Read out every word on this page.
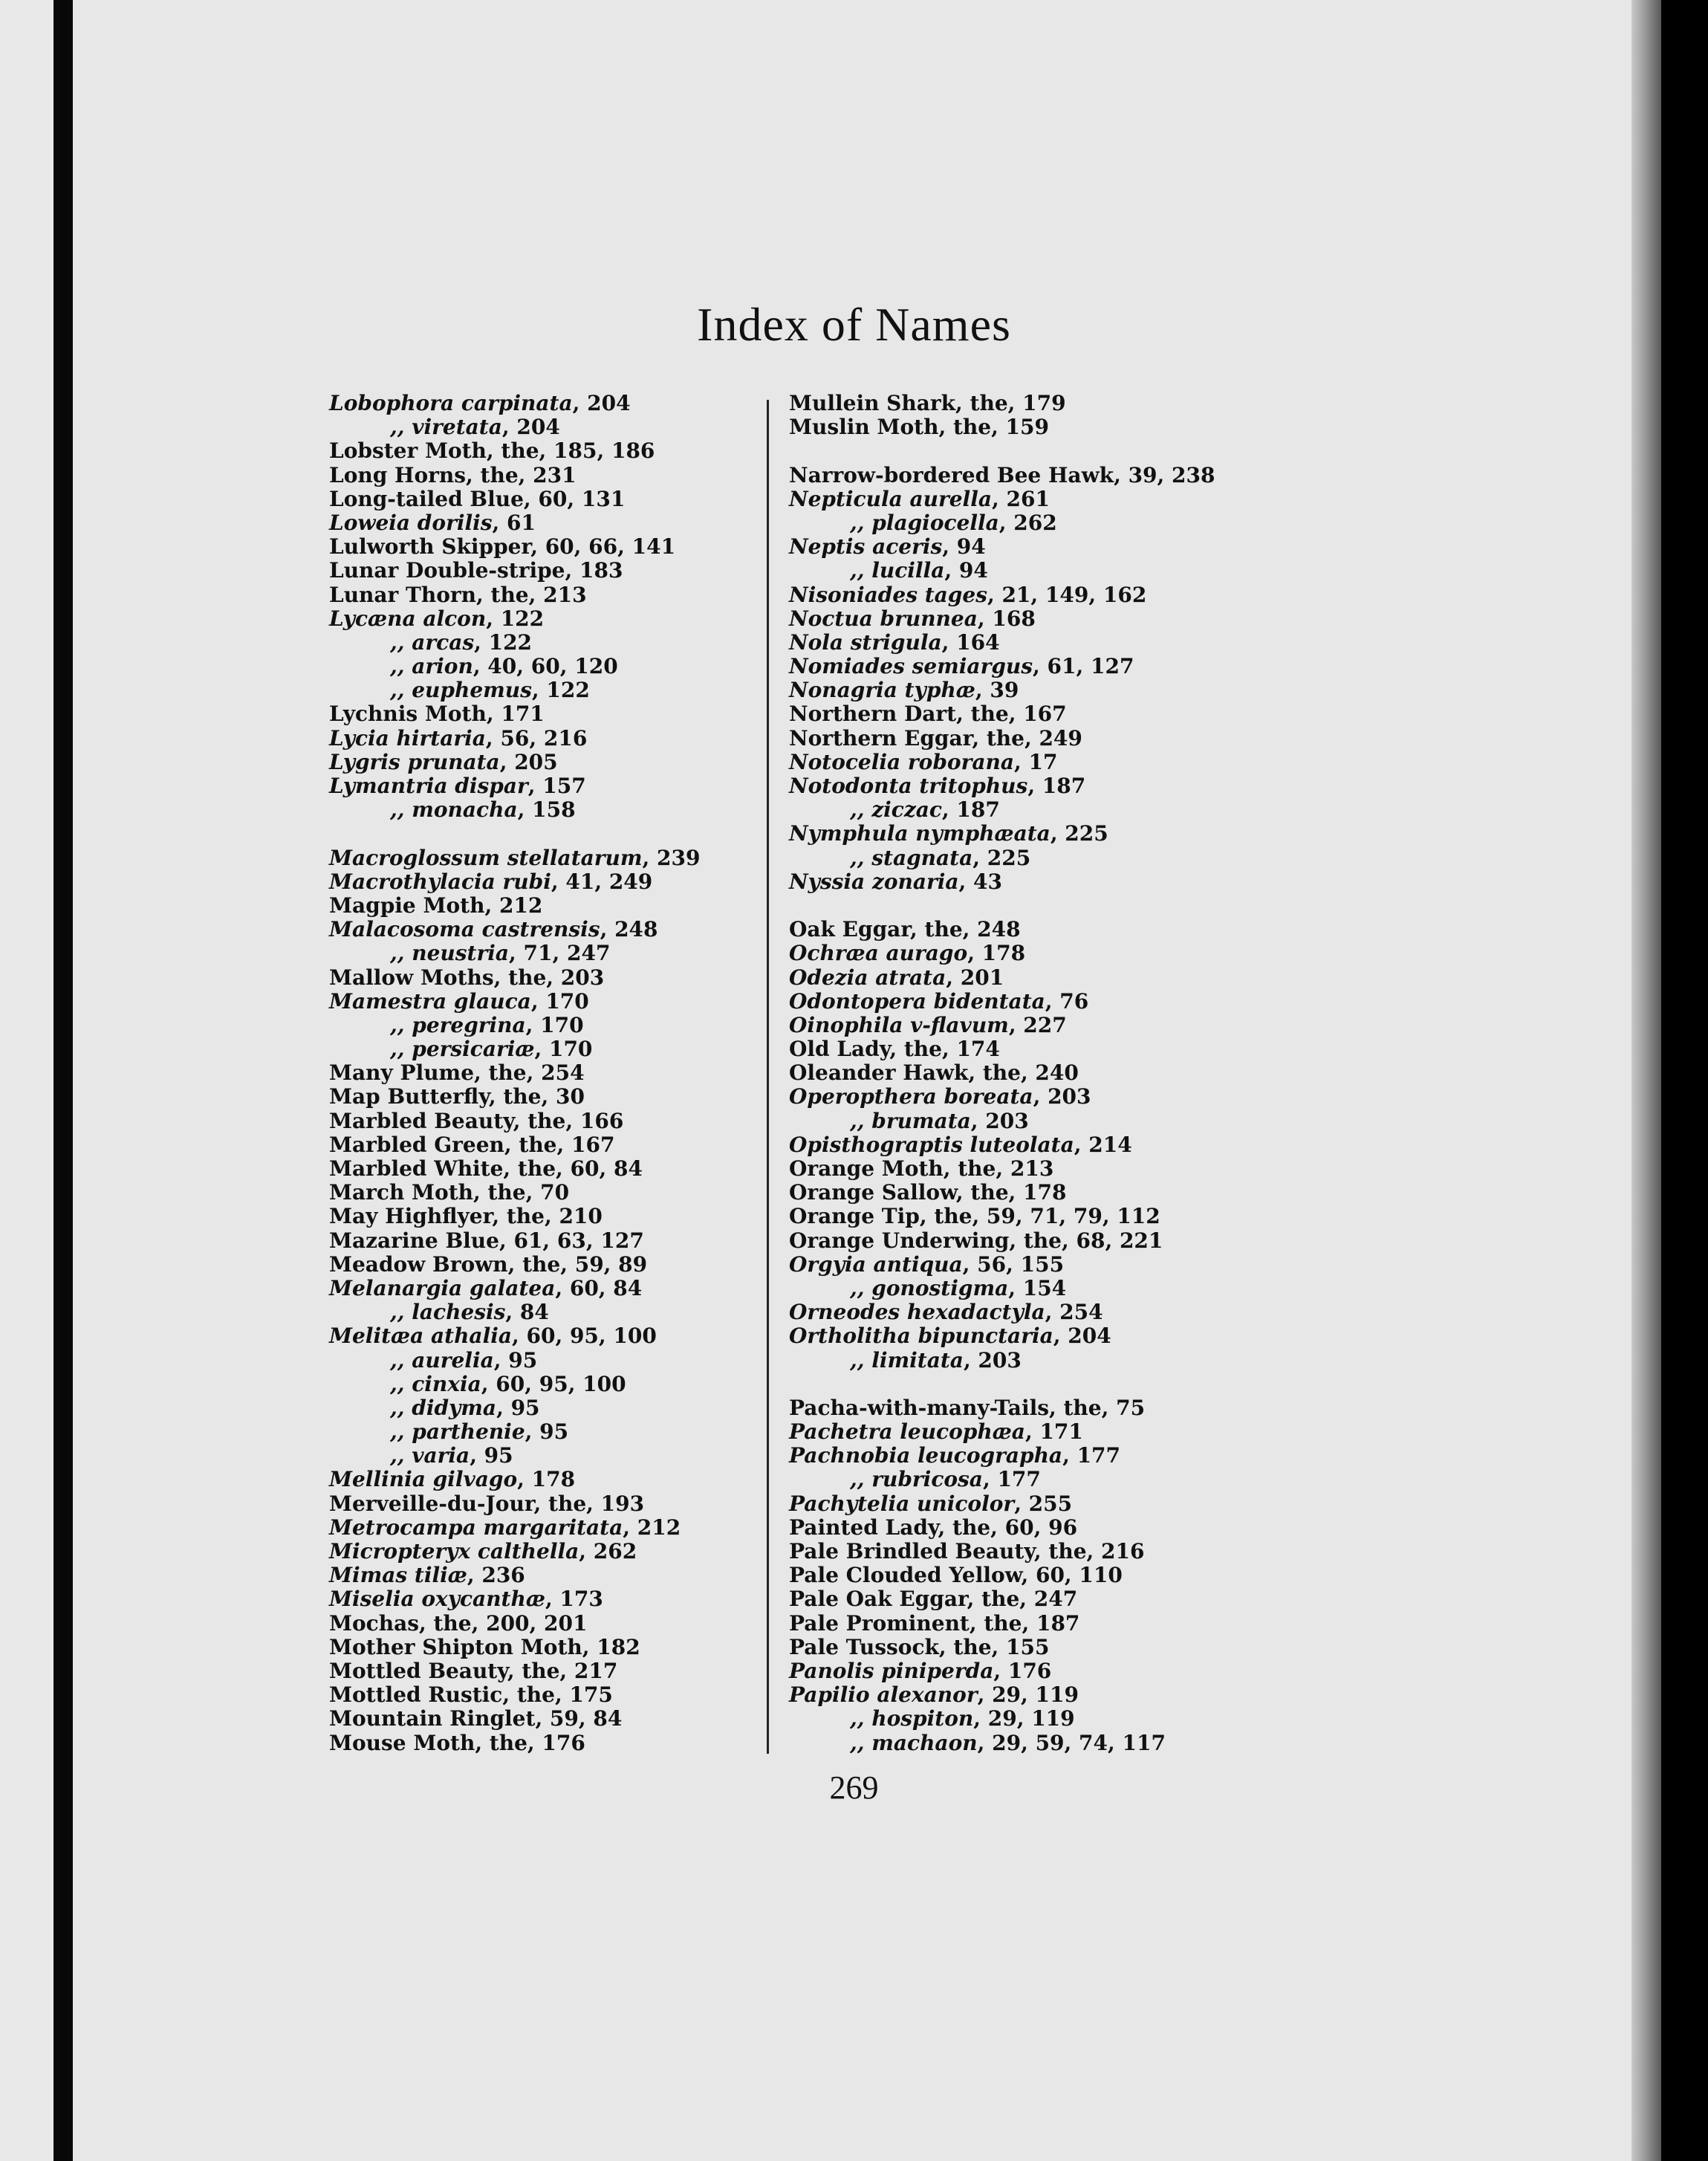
Index of Names
Lobophora carpinata, 204
,, viretata, 204
Lobster Moth, the, 185, 186
Long Horns, the, 231
Long-tailed Blue, 60, 131
Loweia dorilis, 61
Lulworth Skipper, 60, 66, 141
Lunar Double-stripe, 183
Lunar Thorn, the, 213
Lycæna alcon, 122
,, arcas, 122
,, arion, 40, 60, 120
,, euphemus, 122
Lychnis Moth, 171
Lycia hirtaria, 56, 216
Lygris prunata, 205
Lymantria dispar, 157
,, monacha, 158
Macroglossum stellatarum, 239
Macrothylacia rubi, 41, 249
Magpie Moth, 212
Malacosoma castrensis, 248
,, neustria, 71, 247
Mallow Moths, the, 203
Mamestra glauca, 170
,, peregrina, 170
,, persicariæ, 170
Many Plume, the, 254
Map Butterfly, the, 30
Marbled Beauty, the, 166
Marbled Green, the, 167
Marbled White, the, 60, 84
March Moth, the, 70
May Highflyer, the, 210
Mazarine Blue, 61, 63, 127
Meadow Brown, the, 59, 89
Melanargia galatea, 60, 84
,, lachesis, 84
Melitæa athalia, 60, 95, 100
,, aurelia, 95
,, cinxia, 60, 95, 100
,, didyma, 95
,, parthenie, 95
,, varia, 95
Mellinia gilvago, 178
Merveille-du-Jour, the, 193
Metrocampa margaritata, 212
Micropteryx calthella, 262
Mimas tiliæ, 236
Miselia oxycanthæ, 173
Mochas, the, 200, 201
Mother Shipton Moth, 182
Mottled Beauty, the, 217
Mottled Rustic, the, 175
Mountain Ringlet, 59, 84
Mouse Moth, the, 176
Mullein Shark, the, 179
Muslin Moth, the, 159
Narrow-bordered Bee Hawk, 39, 238
Nepticula aurella, 261
,, plagiocella, 262
Neptis aceris, 94
,, lucilla, 94
Nisoniades tages, 21, 149, 162
Noctua brunnea, 168
Nola strigula, 164
Nomiades semiargus, 61, 127
Nonagria typhæ, 39
Northern Dart, the, 167
Northern Eggar, the, 249
Notocelia roborana, 17
Notodonta tritophus, 187
,, ziczac, 187
Nymphula nymphæata, 225
,, stagnata, 225
Nyssia zonaria, 43
Oak Eggar, the, 248
Ochræa aurago, 178
Odezia atrata, 201
Odontopera bidentata, 76
Oinophila v-flavum, 227
Old Lady, the, 174
Oleander Hawk, the, 240
Operopthera boreata, 203
,, brumata, 203
Opisthograptis luteolata, 214
Orange Moth, the, 213
Orange Sallow, the, 178
Orange Tip, the, 59, 71, 79, 112
Orange Underwing, the, 68, 221
Orgyia antiqua, 56, 155
,, gonostigma, 154
Orneodes hexadactyla, 254
Ortholitha bipunctaria, 204
,, limitata, 203
Pacha-with-many-Tails, the, 75
Pachetra leucophæa, 171
Pachnobia leucographa, 177
,, rubricosa, 177
Pachytelia unicolor, 255
Painted Lady, the, 60, 96
Pale Brindled Beauty, the, 216
Pale Clouded Yellow, 60, 110
Pale Oak Eggar, the, 247
Pale Prominent, the, 187
Pale Tussock, the, 155
Panolis piniperda, 176
Papilio alexanor, 29, 119
,, hospiton, 29, 119
,, machaon, 29, 59, 74, 117
269
